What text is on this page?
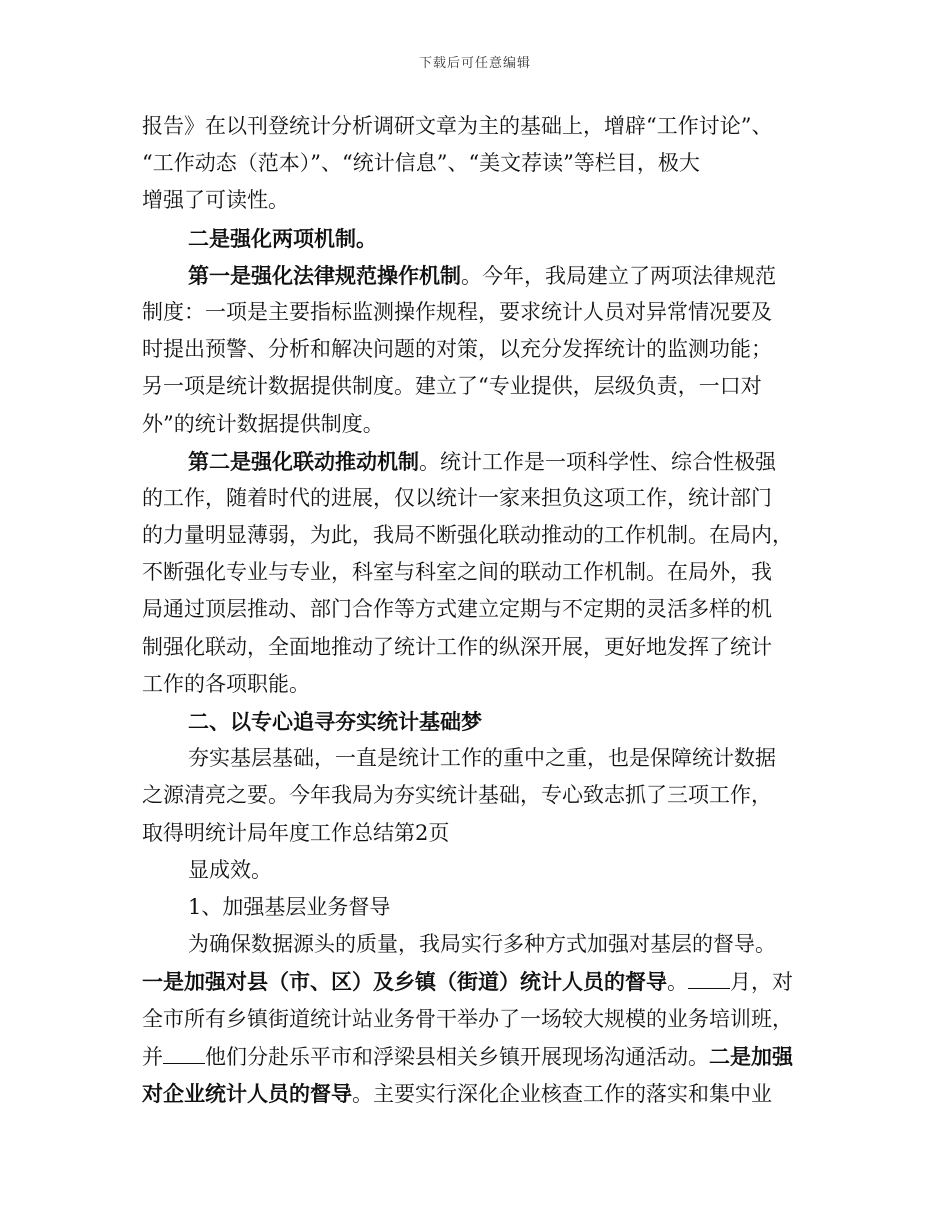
下载后可任意编辑
报告》在以刊登统计分析调研文章为主的基础上，增辟“工作讨论”、
“工作动态（范本）”、“统计信息”、“美文荐读”等栏目，极大
增强了可读性。
二是强化两项机制。
第一是强化法律规范操作机制。今年，我局建立了两项法律规范
制度：一项是主要指标监测操作规程，要求统计人员对异常情况要及
时提出预警、分析和解决问题的对策，以充分发挥统计的监测功能；
另一项是统计数据提供制度。建立了“专业提供，层级负责，一口对
外”的统计数据提供制度。
第二是强化联动推动机制。统计工作是一项科学性、综合性极强
的工作，随着时代的进展，仅以统计一家来担负这项工作，统计部门
的力量明显薄弱，为此，我局不断强化联动推动的工作机制。在局内，
不断强化专业与专业，科室与科室之间的联动工作机制。在局外，我
局通过顶层推动、部门合作等方式建立定期与不定期的灵活多样的机
制强化联动，全面地推动了统计工作的纵深开展，更好地发挥了统计
工作的各项职能。
二、以专心追寻夯实统计基础梦
夯实基层基础，一直是统计工作的重中之重，也是保障统计数据
之源清亮之要。今年我局为夯实统计基础，专心致志抓了三项工作，
取得明统计局年度工作总结第2页
显成效。
1、加强基层业务督导
为确保数据源头的质量，我局实行多种方式加强对基层的督导。
一是加强对县（市、区）及乡镇（街道）统计人员的督导。 月，对
全市所有乡镇街道统计站业务骨干举办了一场较大规模的业务培训班，
并 他们分赴乐平市和浮梁县相关乡镇开展现场沟通活动。二是加强
对企业统计人员的督导。主要实行深化企业核查工作的落实和集中业
